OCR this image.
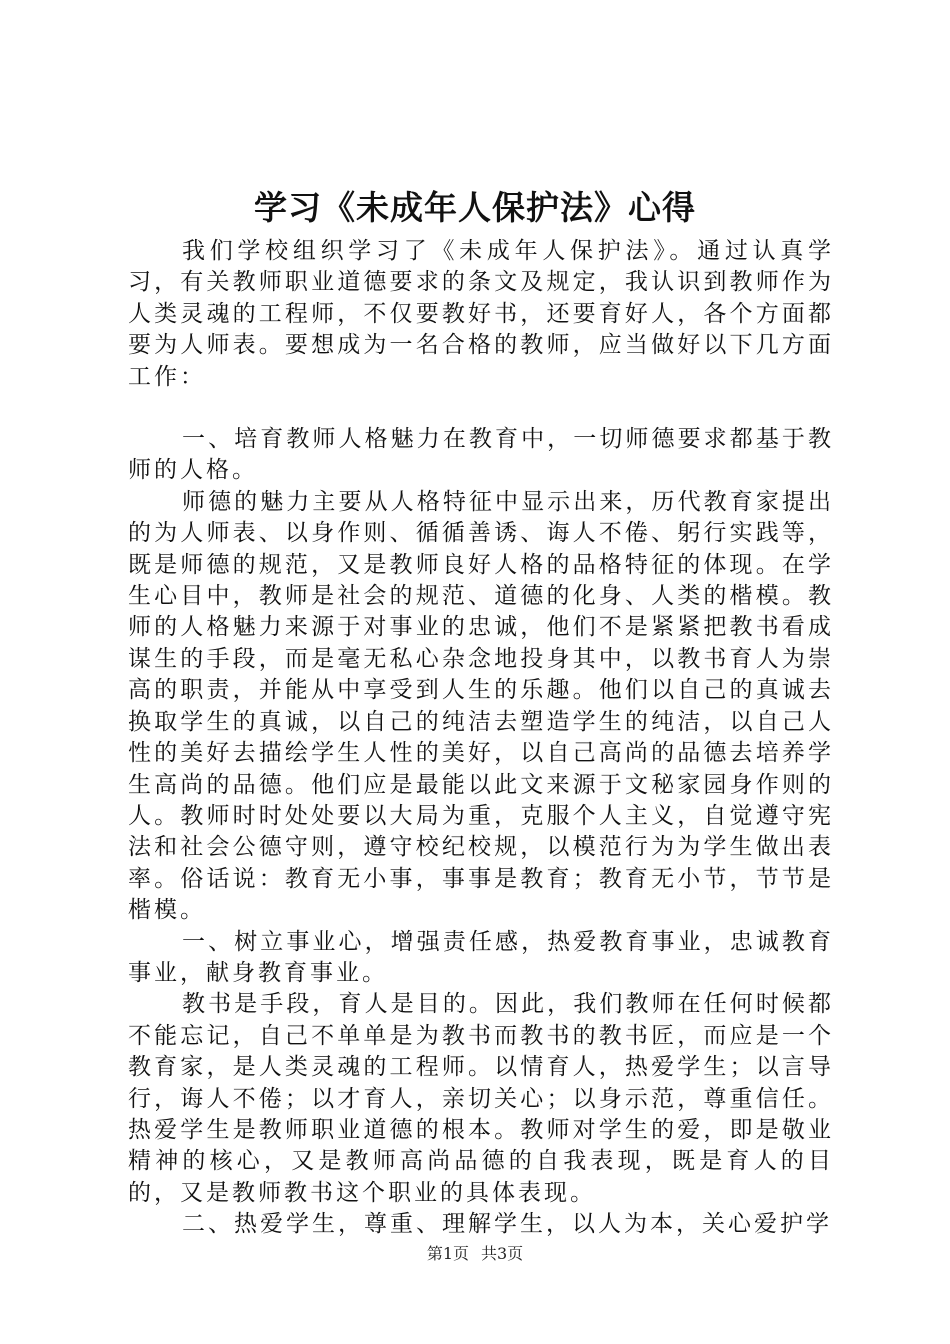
学习《未成年人保护法》心得

我们学校组织学习了《未成年人保护法》。通过认真学习，有关教师职业道德要求的条文及规定，我认识到教师作为人类灵魂的工程师，不仅要教好书，还要育好人，各个方面都要为人师表。要想成为一名合格的教师，应当做好以下几方面工作：

一、培育教师人格魅力在教育中，一切师德要求都基于教师的人格。

师德的魅力主要从人格特征中显示出来，历代教育家提出的为人师表、以身作则、循循善诱、诲人不倦、躬行实践等，既是师德的规范，又是教师良好人格的品格特征的体现。在学生心目中，教师是社会的规范、道德的化身、人类的楷模。教师的人格魅力来源于对事业的忠诚，他们不是紧紧把教书看成谋生的手段，而是毫无私心杂念地投身其中，以教书育人为崇高的职责，并能从中享受到人生的乐趣。他们以自己的真诚去换取学生的真诚，以自己的纯洁去塑造学生的纯洁，以自己人性的美好去描绘学生人性的美好，以自己高尚的品德去培养学生高尚的品德。他们应是最能以此文来源于文秘家园身作则的人。教师时时处处要以大局为重，克服个人主义，自觉遵守宪法和社会公德守则，遵守校纪校规，以模范行为为学生做出表率。俗话说：教育无小事，事事是教育；教育无小节，节节是楷模。

一、树立事业心，增强责任感，热爱教育事业，忠诚教育事业，献身教育事业。

教书是手段，育人是目的。因此，我们教师在任何时候都不能忘记，自己不单单是为教书而教书的教书匠，而应是一个教育家，是人类灵魂的工程师。以情育人，热爱学生；以言导行，诲人不倦；以才育人，亲切关心；以身示范，尊重信任。热爱学生是教师职业道德的根本。教师对学生的爱，即是敬业精神的核心，又是教师高尚品德的自我表现，既是育人的目的，又是教师教书这个职业的具体表现。

二、热爱学生，尊重、理解学生，以人为本，关心爱护学

第1页 共3页
